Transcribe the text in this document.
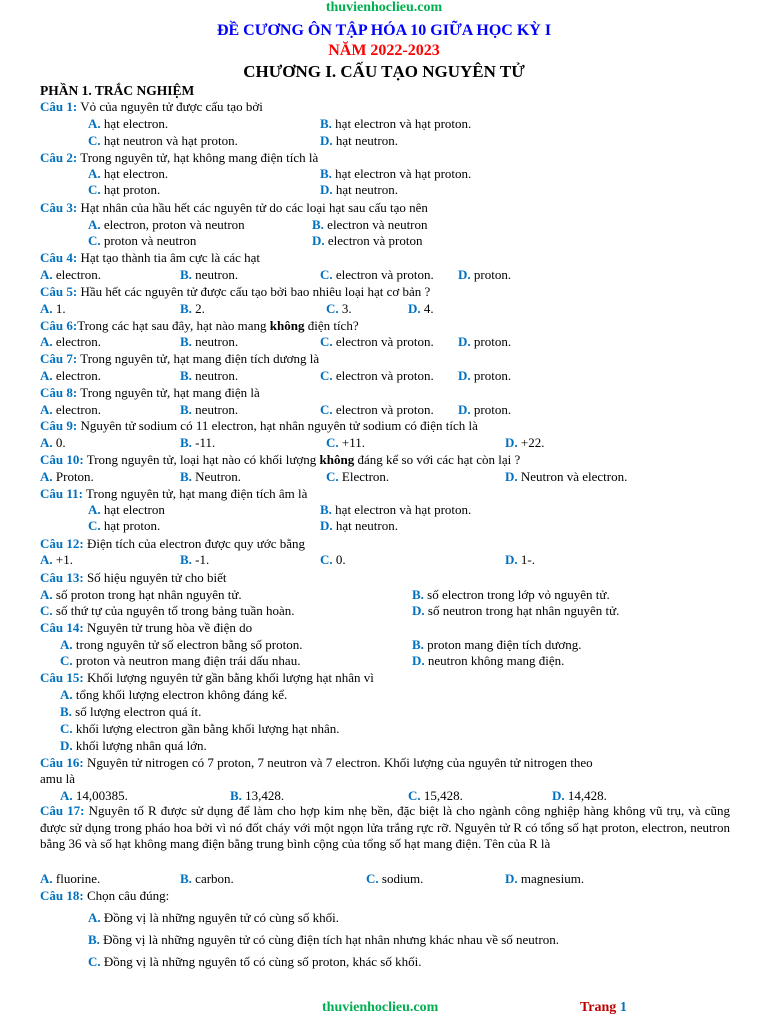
thuvienhoclieu.com
ĐỀ CƯƠNG ÔN TẬP HÓA 10 GIỮA HỌC KỲ I
NĂM 2022-2023
CHƯƠNG I. CẤU TẠO NGUYÊN TỬ
PHẦN 1. TRẮC NGHIỆM
Câu 1: Vỏ của nguyên tử được cấu tạo bởi
A. hạt electron.	B. hạt electron và hạt proton.
C. hạt neutron và hạt proton.	D. hạt neutron.
Câu 2: Trong nguyên tử, hạt không mang điện tích là
A. hạt electron.	B. hạt electron và hạt proton.
C. hạt proton.	D. hạt neutron.
Câu 3: Hạt nhân của hầu hết các nguyên tử do các loại hạt sau cấu tạo nên
A. electron, proton và neutron	B. electron và neutron
C. proton và neutron	D. electron và proton
Câu 4: Hạt tạo thành tia âm cực là các hạt
A. electron.	B. neutron.	C. electron và proton. D. proton.
Câu 5: Hầu hết các nguyên tử được cấu tạo bởi bao nhiêu loại hạt cơ bản ?
A. 1.	B. 2.	C. 3.	D. 4.
Câu 6:Trong các hạt sau đây, hạt nào mang không điện tích?
A. electron.	B. neutron.	C. electron và proton. D. proton.
Câu 7: Trong nguyên tử, hạt mang điện tích dương là
A. electron.	B. neutron.	C. electron và proton. D. proton.
Câu 8: Trong nguyên tử, hạt mang điện là
A. electron.	B. neutron.	C. electron và proton. D. proton.
Câu 9: Nguyên tử sodium có 11 electron, hạt nhân nguyên tử sodium có điện tích là
A. 0.	B. -11.	C. +11.	D. +22.
Câu 10: Trong nguyên tử, loại hạt nào có khối lượng không đáng kể so với các hạt còn lại ?
A. Proton.	B. Neutron.	C. Electron.	D. Neutron và electron.
Câu 11: Trong nguyên tử, hạt mang điện tích âm là
A. hạt electron	B. hạt electron và hạt proton.
C. hạt proton.	D. hạt neutron.
Câu 12: Điện tích của electron được quy ước bằng
A. +1.	B. -1.	C. 0.	D. 1-.
Câu 13: Số hiệu nguyên tử cho biết
A. số proton trong hạt nhân nguyên tử.	B. số electron trong lớp vỏ nguyên tử.
C. số thứ tự của nguyên tố trong bảng tuần hoàn.	D. số neutron trong hạt nhân nguyên tử.
Câu 14: Nguyên tử trung hòa về điện do
A. trong nguyên tử số electron bằng số proton.	B. proton mang điện tích dương.
C. proton và neutron mang điện trái dấu nhau.	D. neutron không mang điện.
Câu 15: Khối lượng nguyên tử gần bằng khối lượng hạt nhân vì
A. tổng khối lượng electron không đáng kể.
B. số lượng electron quá ít.
C. khối lượng electron gần bằng khối lượng hạt nhân.
D. khối lượng nhân quá lớn.
Câu 16: Nguyên tử nitrogen có 7 proton, 7 neutron và 7 electron. Khối lượng của nguyên tử nitrogen theo
amu là
A. 14,00385.	B. 13,428.	C. 15,428.	D. 14,428.
Câu 17: Nguyên tố R được sử dụng để làm cho hợp kim nhẹ bền, đặc biệt là cho ngành công nghiệp hàng không vũ trụ, và cũng được sử dụng trong pháo hoa bởi vì nó đốt cháy với một ngọn lửa trắng rực rỡ. Nguyên tử R có tổng số hạt proton, electron, neutron bằng 36 và số hạt không mang điện bằng trung bình cộng của tổng số hạt mang điện. Tên của R là
A. fluorine.	B. carbon.	C. sodium.	D. magnesium.
Câu 18: Chọn câu đúng:
A. Đồng vị là những nguyên tử có cùng số khối.
B. Đồng vị là những nguyên tử có cùng điện tích hạt nhân nhưng khác nhau về số neutron.
C. Đồng vị là những nguyên tố có cùng số proton, khác số khối.
thuvienhoclieu.com	Trang 1
